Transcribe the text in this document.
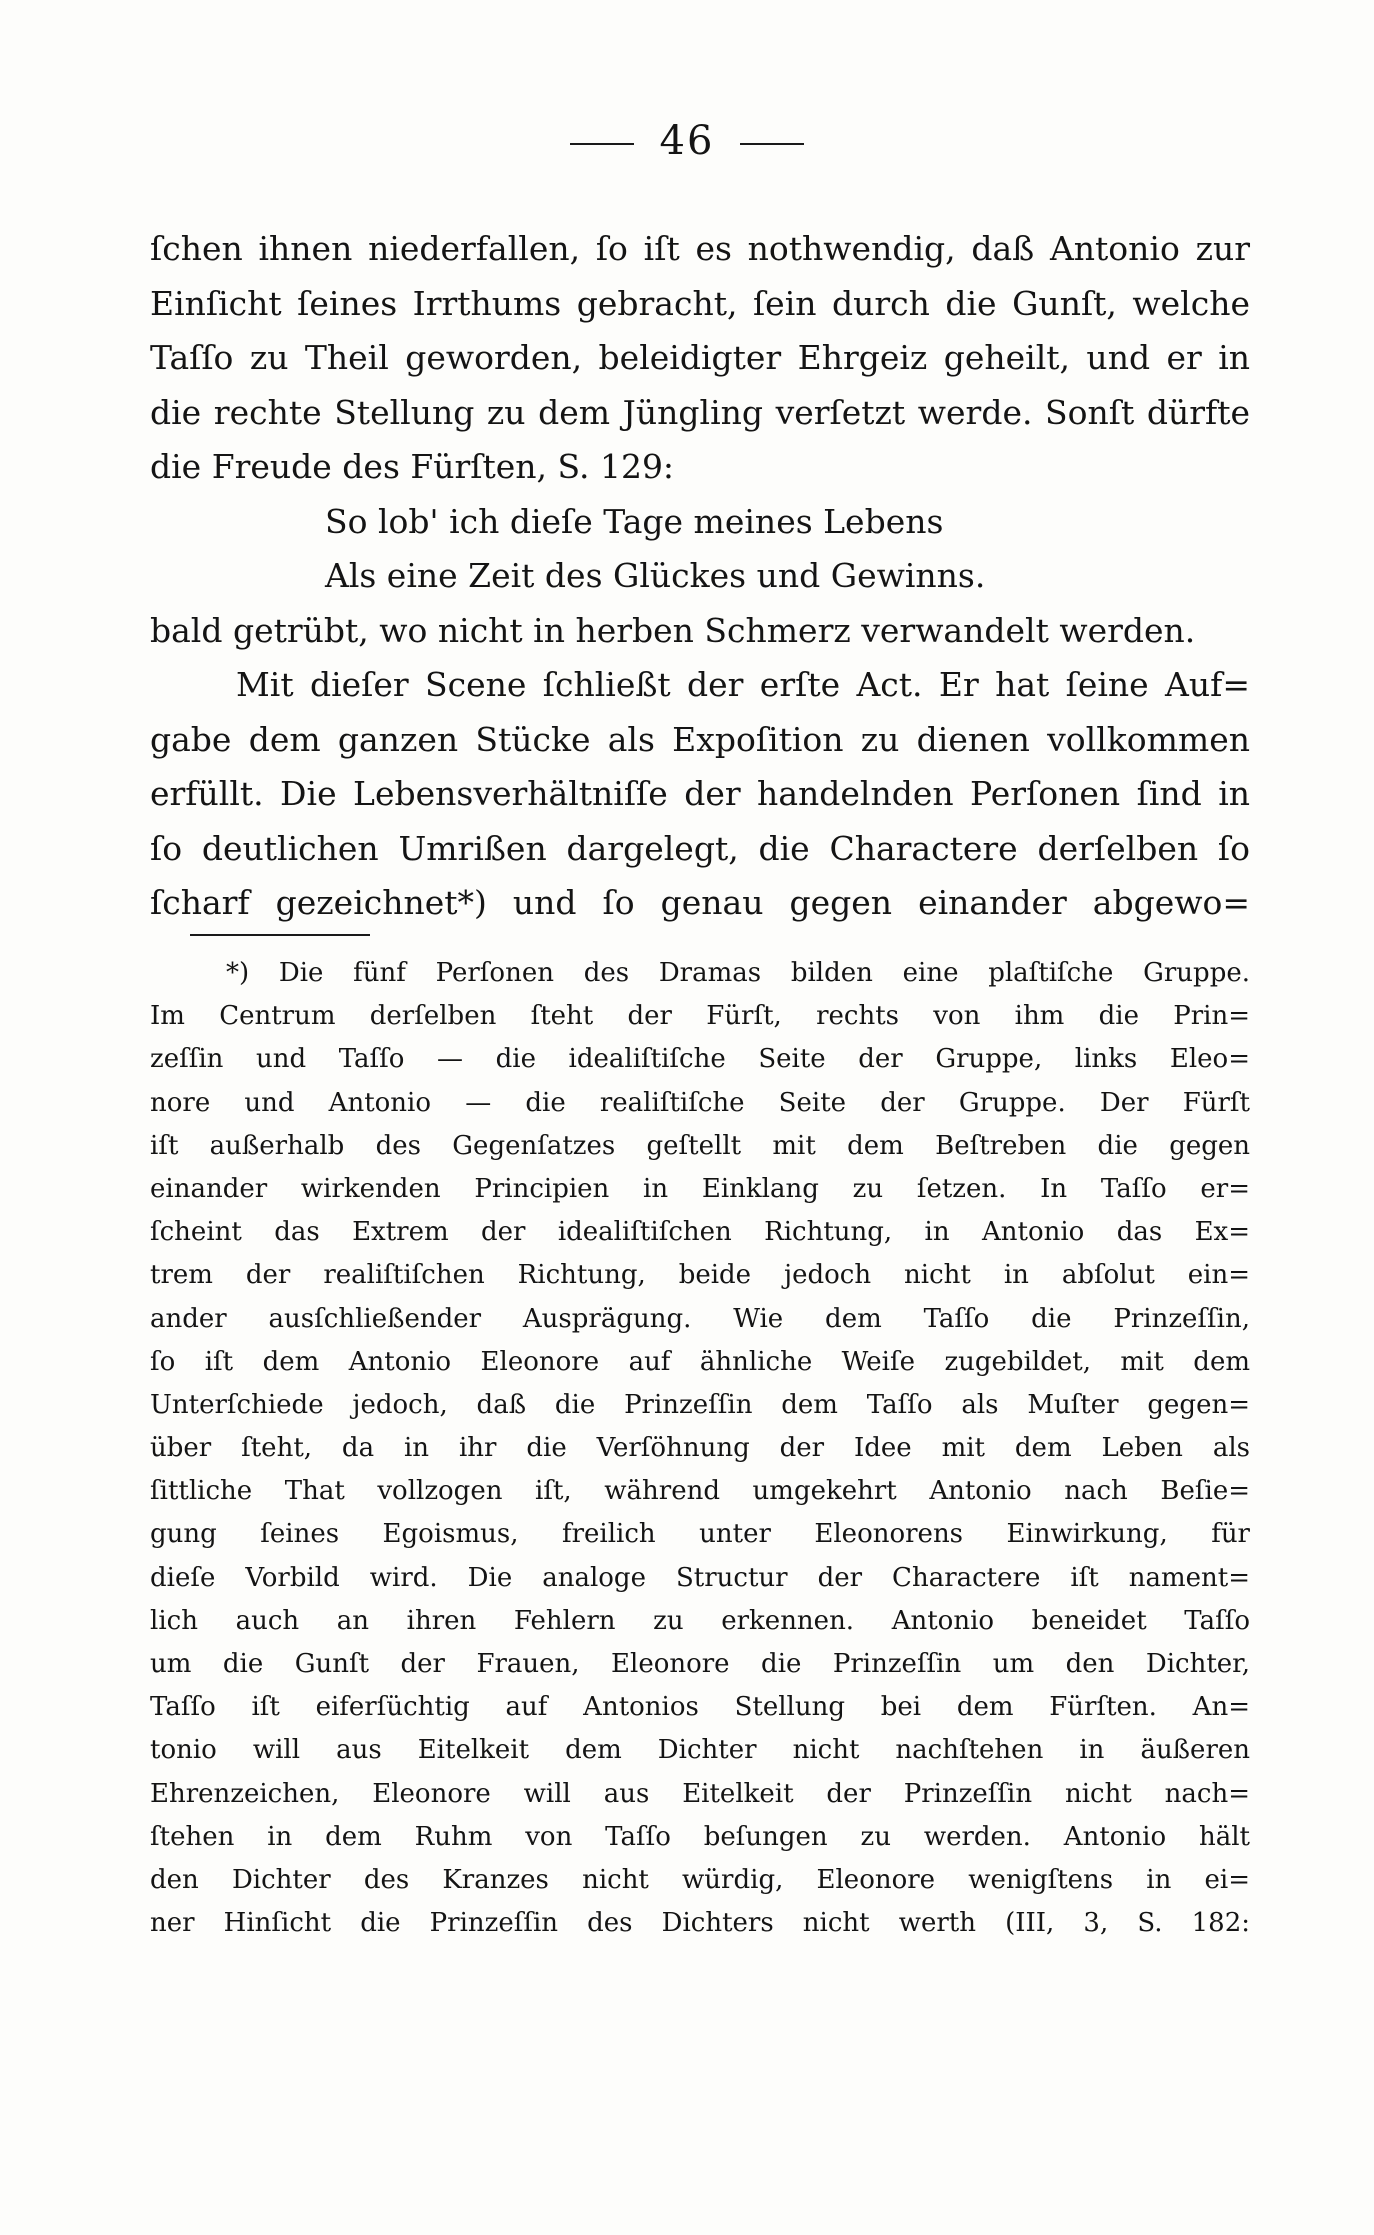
46
ſchen ihnen niederfallen, ſo iſt es nothwendig, daß Antonio zur
Einſicht ſeines Irrthums gebracht, ſein durch die Gunſt, welche
Taſſo zu Theil geworden, beleidigter Ehrgeiz geheilt, und er in
die rechte Stellung zu dem Jüngling verſetzt werde. Sonſt dürfte
die Freude des Fürſten, S. 129:
So lob' ich dieſe Tage meines Lebens
Als eine Zeit des Glückes und Gewinns.
bald getrübt, wo nicht in herben Schmerz verwandelt werden.
Mit dieſer Scene ſchließt der erſte Act. Er hat ſeine Auf=
gabe dem ganzen Stücke als Expoſition zu dienen vollkommen
erfüllt. Die Lebensverhältniſſe der handelnden Perſonen ſind in
ſo deutlichen Umrißen dargelegt, die Charactere derſelben ſo
ſcharf gezeichnet*) und ſo genau gegen einander abgewo=
*) Die fünf Perſonen des Dramas bilden eine plaſtiſche Gruppe.
Im Centrum derſelben ſteht der Fürſt, rechts von ihm die Prin=
zeſſin und Taſſo — die idealiſtiſche Seite der Gruppe, links Eleo=
nore und Antonio — die realiſtiſche Seite der Gruppe. Der Fürſt
iſt außerhalb des Gegenſatzes geſtellt mit dem Beſtreben die gegen
einander wirkenden Principien in Einklang zu ſetzen. In Taſſo er=
ſcheint das Extrem der idealiſtiſchen Richtung, in Antonio das Ex=
trem der realiſtiſchen Richtung, beide jedoch nicht in abſolut ein=
ander ausſchließender Ausprägung. Wie dem Taſſo die Prinzeſſin,
ſo iſt dem Antonio Eleonore auf ähnliche Weiſe zugebildet, mit dem
Unterſchiede jedoch, daß die Prinzeſſin dem Taſſo als Muſter gegen=
über ſteht, da in ihr die Verſöhnung der Idee mit dem Leben als
ſittliche That vollzogen iſt, während umgekehrt Antonio nach Beſie=
gung ſeines Egoismus, freilich unter Eleonorens Einwirkung, für
dieſe Vorbild wird. Die analoge Structur der Charactere iſt nament=
lich auch an ihren Fehlern zu erkennen. Antonio beneidet Taſſo
um die Gunſt der Frauen, Eleonore die Prinzeſſin um den Dichter,
Taſſo iſt eiferſüchtig auf Antonios Stellung bei dem Fürſten. An=
tonio will aus Eitelkeit dem Dichter nicht nachſtehen in äußeren
Ehrenzeichen, Eleonore will aus Eitelkeit der Prinzeſſin nicht nach=
ſtehen in dem Ruhm von Taſſo beſungen zu werden. Antonio hält
den Dichter des Kranzes nicht würdig, Eleonore wenigſtens in ei=
ner Hinſicht die Prinzeſſin des Dichters nicht werth (III, 3, S. 182:
